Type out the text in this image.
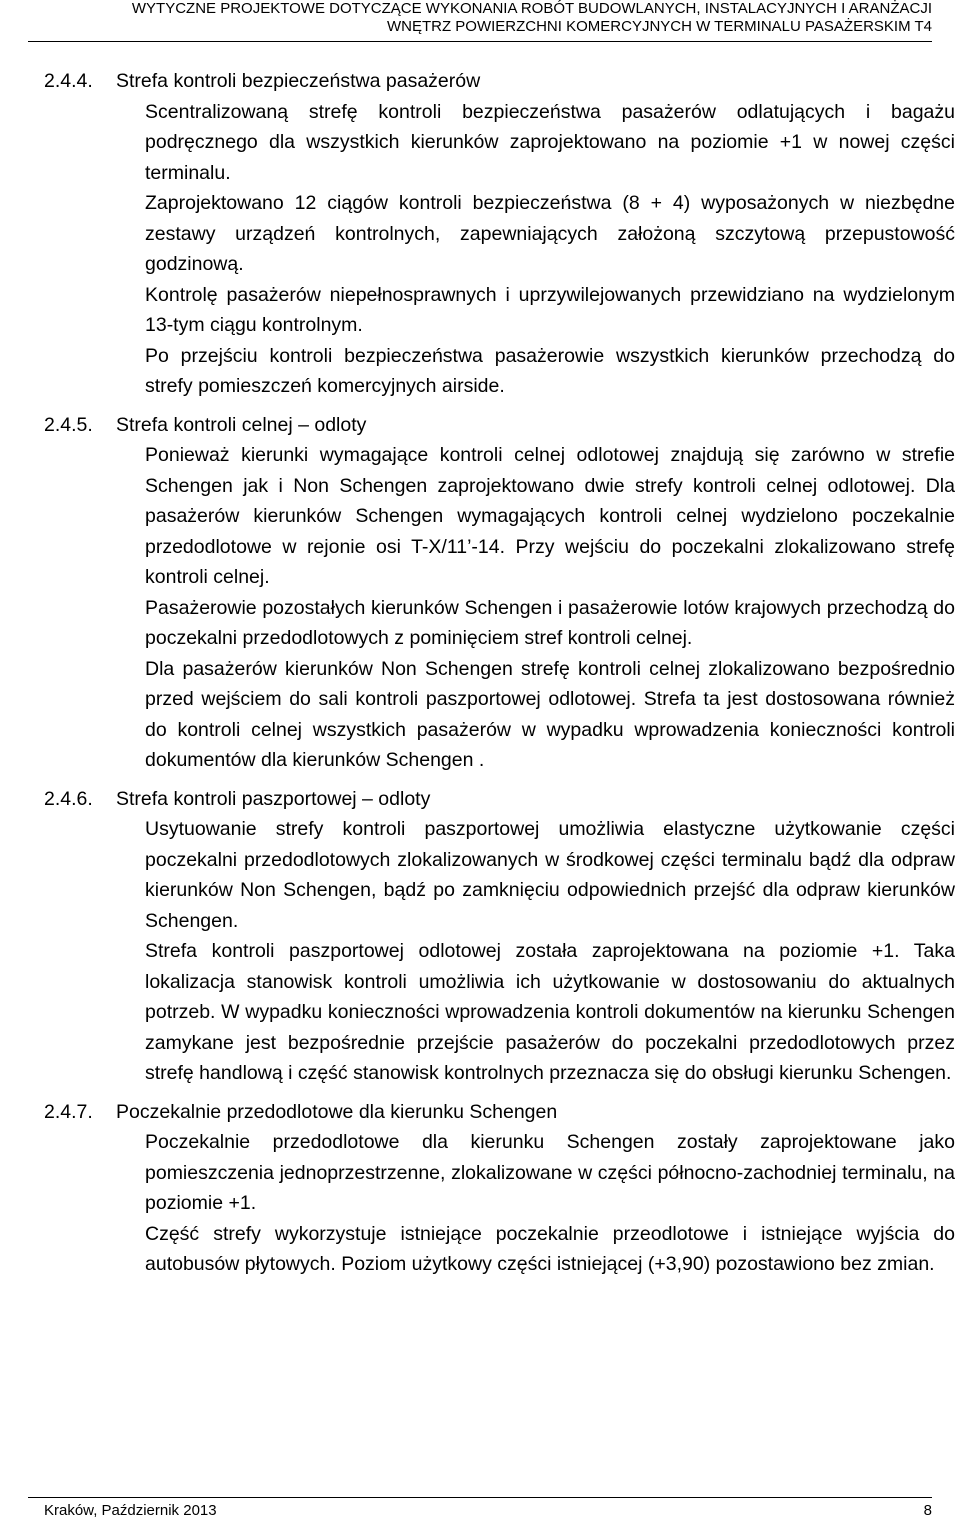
WYTYCZNE PROJEKTOWE DOTYCZĄCE WYKONANIA ROBÓT BUDOWLANYCH, INSTALACYJNYCH I ARANŻACJI
WNĘTRZ POWIERZCHNI KOMERCYJNYCH W TERMINALU PASAŻERSKIM T4
2.4.4.	Strefa kontroli bezpieczeństwa pasażerów

Scentralizowaną strefę kontroli bezpieczeństwa pasażerów odlatujących i bagażu podręcznego dla wszystkich kierunków zaprojektowano na poziomie +1 w nowej części terminalu.

Zaprojektowano 12 ciągów kontroli bezpieczeństwa (8 + 4) wyposażonych w niezbędne zestawy urządzeń kontrolnych, zapewniających założoną szczytową przepustowość godzinową.

Kontrolę pasażerów niepełnosprawnych i uprzywilejowanych przewidziano na wydzielonym 13-tym ciągu kontrolnym.

Po przejściu kontroli bezpieczeństwa pasażerowie wszystkich kierunków przechodzą do strefy pomieszczeń komercyjnych airside.

2.4.5.	Strefa kontroli celnej – odloty

Ponieważ kierunki wymagające kontroli celnej odlotowej znajdują się zarówno w strefie Schengen jak i Non Schengen zaprojektowano dwie strefy kontroli celnej odlotowej. Dla pasażerów kierunków Schengen wymagających kontroli celnej wydzielono poczekalnie przedodlotowe w rejonie osi T-X/11’-14. Przy wejściu do poczekalni zlokalizowano strefę kontroli celnej.

Pasażerowie pozostałych kierunków Schengen i pasażerowie lotów krajowych przechodzą do poczekalni przedodlotowych z pominięciem stref kontroli celnej.

Dla pasażerów kierunków Non Schengen strefę kontroli celnej zlokalizowano bezpośrednio przed wejściem do sali kontroli paszportowej odlotowej. Strefa ta jest dostosowana również do kontroli celnej wszystkich pasażerów w wypadku wprowadzenia konieczności kontroli dokumentów dla kierunków Schengen .

2.4.6.	Strefa kontroli paszportowej – odloty

Usytuowanie strefy kontroli paszportowej umożliwia elastyczne użytkowanie części poczekalni przedodlotowych zlokalizowanych w środkowej części terminalu bądź dla odpraw kierunków Non Schengen, bądź po zamknięciu odpowiednich przejść dla odpraw kierunków Schengen.

Strefa kontroli paszportowej odlotowej została zaprojektowana na poziomie +1. Taka lokalizacja stanowisk kontroli umożliwia ich użytkowanie w dostosowaniu do aktualnych potrzeb. W wypadku konieczności wprowadzenia kontroli dokumentów na kierunku Schengen zamykane jest bezpośrednie przejście pasażerów do poczekalni przedodlotowych przez strefę handlową i część stanowisk kontrolnych przeznacza się do obsługi kierunku Schengen.

2.4.7.	Poczekalnie przedodlotowe dla kierunku Schengen

Poczekalnie przedodlotowe dla kierunku Schengen zostały zaprojektowane jako pomieszczenia jednoprzestrzenne, zlokalizowane w części północno-zachodniej terminalu, na poziomie +1.

Część strefy wykorzystuje istniejące poczekalnie przeodlotowe i istniejące wyjścia do autobusów płytowych. Poziom użytkowy części istniejącej (+3,90) pozostawiono bez zmian.

Kraków, Październik 2013	8
